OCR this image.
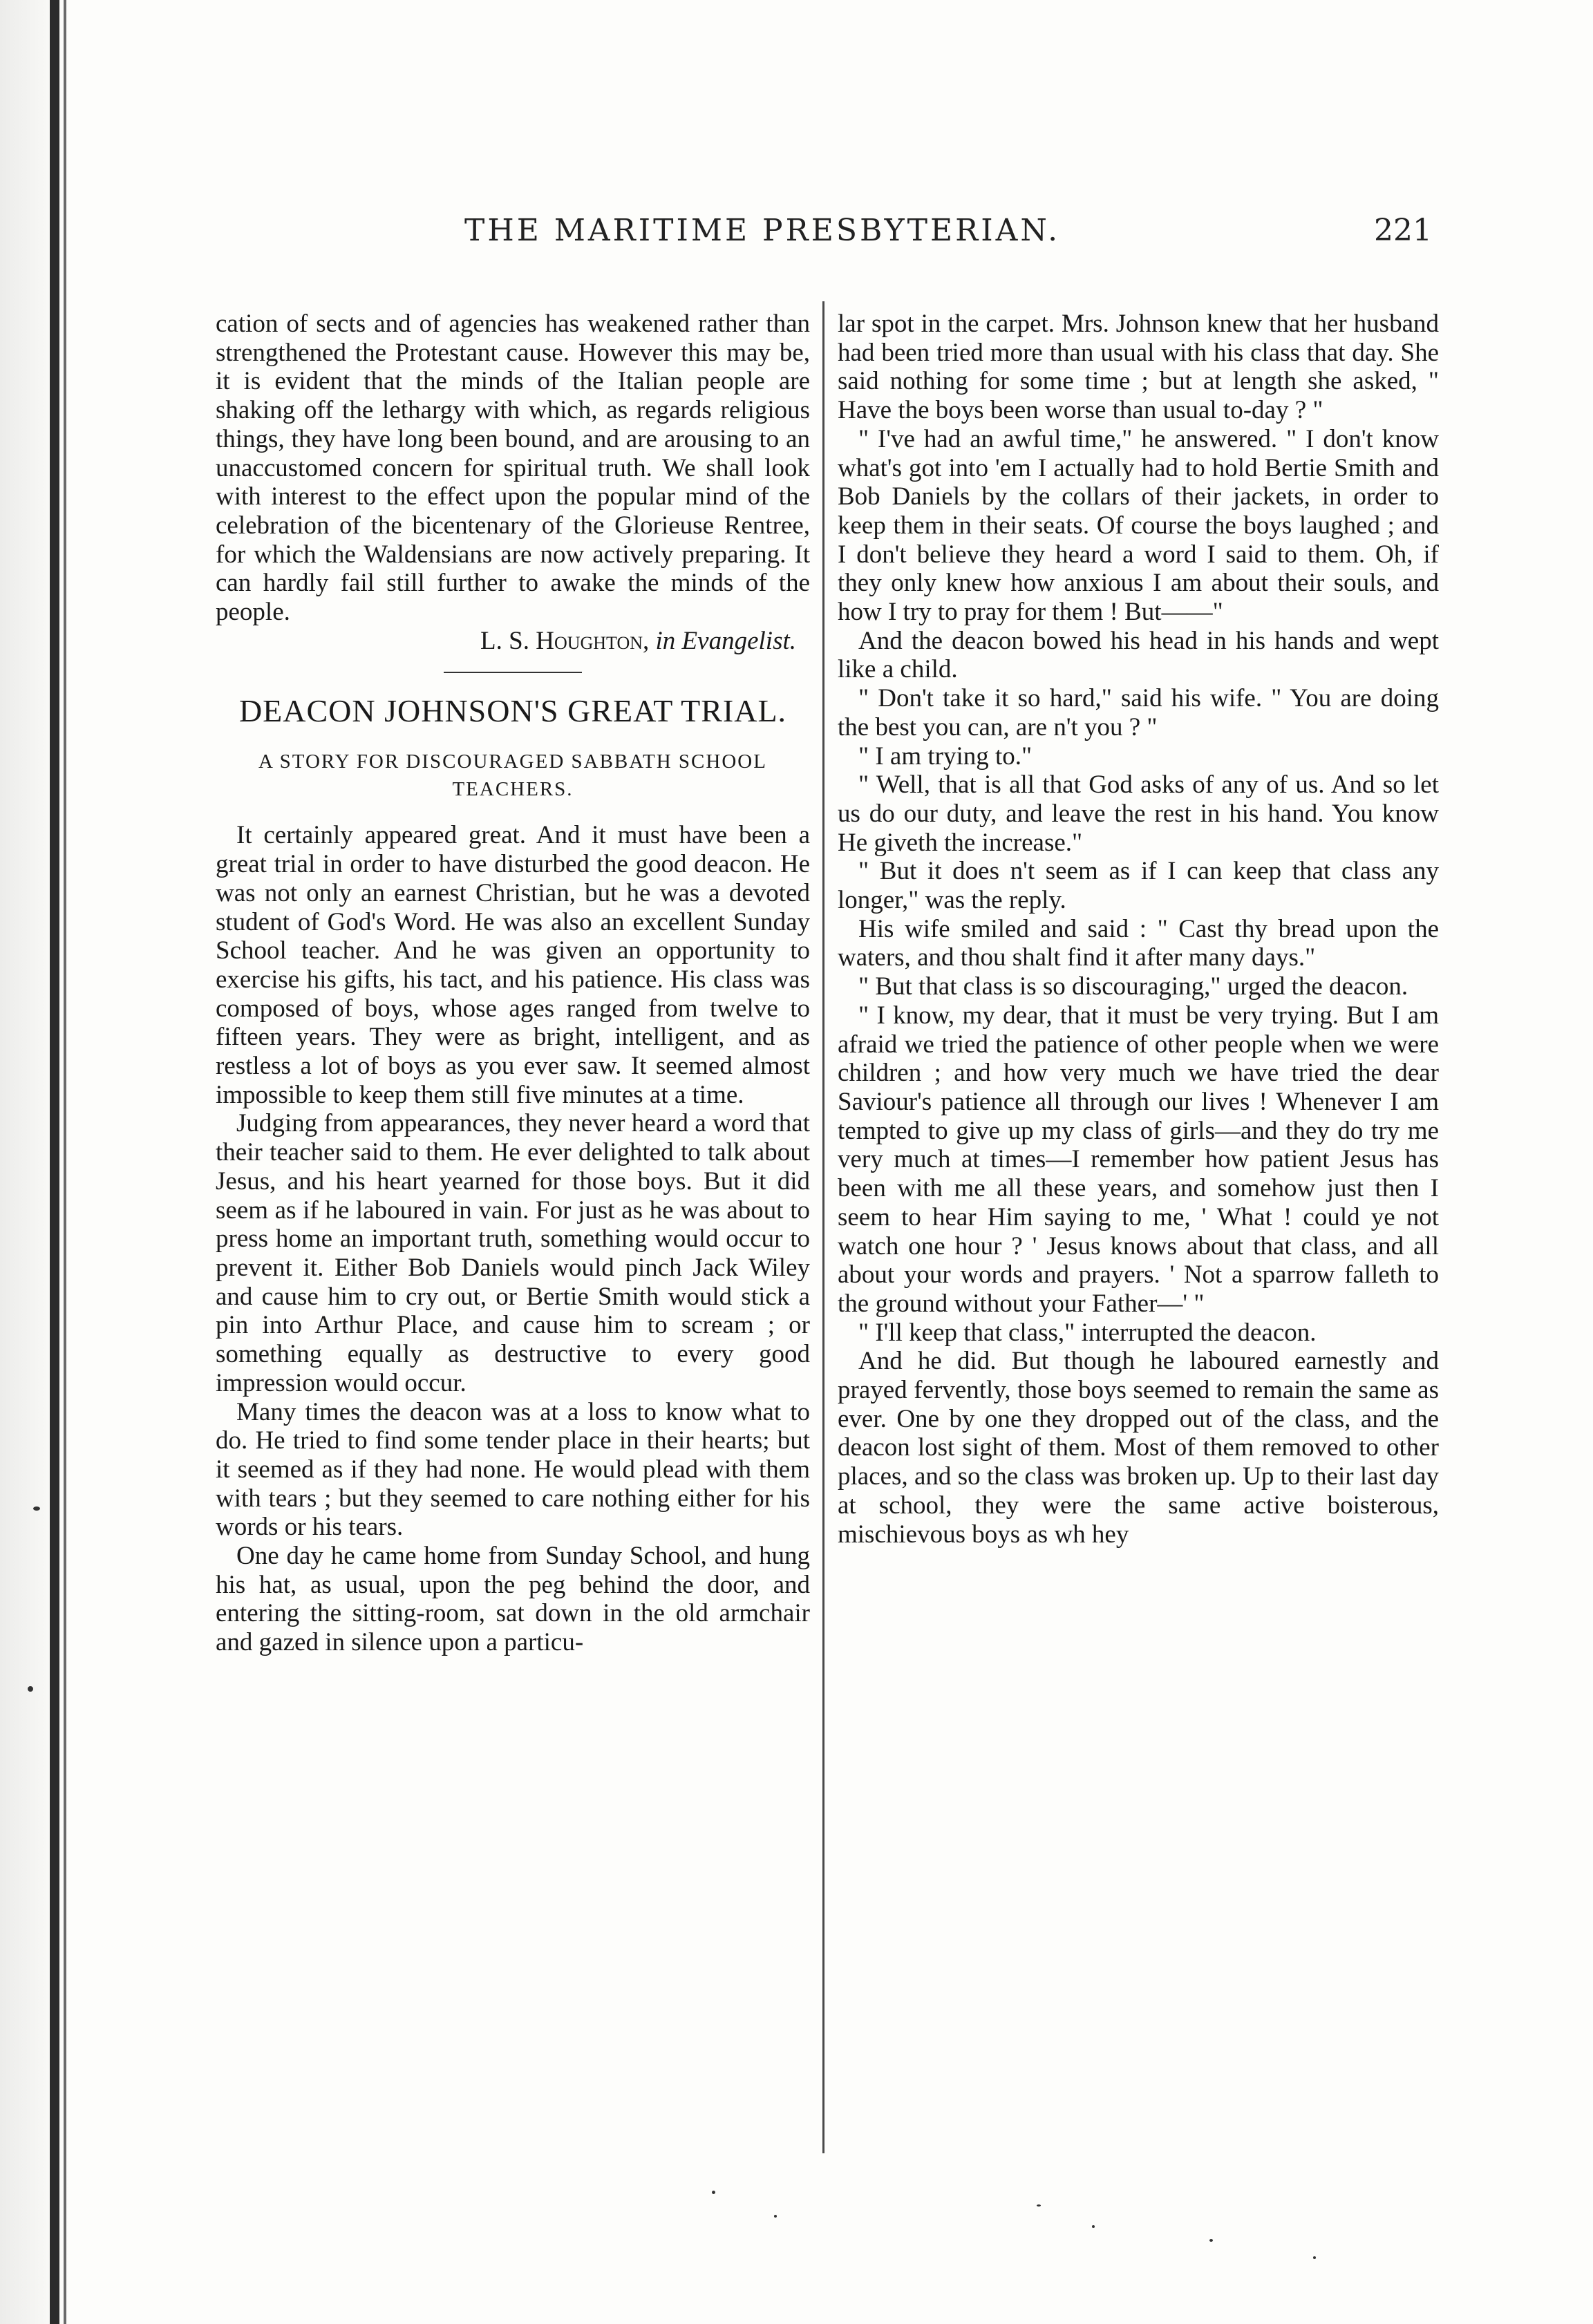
THE MARITIME PRESBYTERIAN.	221

cation of sects and of agencies has weakened rather than strengthened the Protestant cause. However this may be, it is evident that the minds of the Italian people are shaking off the lethargy with which, as regards religious things, they have long been bound, and are arousing to an unaccustomed concern for spiritual truth. We shall look with interest to the effect upon the popular mind of the celebration of the bicentenary of the Glorieuse Rentree, for which the Waldensians are now actively preparing. It can hardly fail still further to awake the minds of the people.

L. S. Houghton, in Evangelist.

DEACON JOHNSON'S GREAT TRIAL.

A STORY FOR DISCOURAGED SABBATH SCHOOL TEACHERS.

It certainly appeared great. And it must have been a great trial in order to have disturbed the good deacon. He was not only an earnest Christian, but he was a devoted student of God's Word. He was also an excellent Sunday School teacher. And he was given an opportunity to exercise his gifts, his tact, and his patience. His class was composed of boys, whose ages ranged from twelve to fifteen years. They were as bright, intelligent, and as restless a lot of boys as you ever saw. It seemed almost impossible to keep them still five minutes at a time.

Judging from appearances, they never heard a word that their teacher said to them. He ever delighted to talk about Jesus, and his heart yearned for those boys. But it did seem as if he laboured in vain. For just as he was about to press home an important truth, something would occur to prevent it. Either Bob Daniels would pinch Jack Wiley and cause him to cry out, or Bertie Smith would stick a pin into Arthur Place, and cause him to scream ; or something equally as destructive to every good impression would occur.

Many times the deacon was at a loss to know what to do. He tried to find some tender place in their hearts; but it seemed as if they had none. He would plead with them with tears ; but they seemed to care nothing either for his words or his tears.

One day he came home from Sunday School, and hung his hat, as usual, upon the peg behind the door, and entering the sitting-room, sat down in the old armchair and gazed in silence upon a particu-

lar spot in the carpet. Mrs. Johnson knew that her husband had been tried more than usual with his class that day. She said nothing for some time ; but at length she asked, " Have the boys been worse than usual to-day ? "

" I've had an awful time," he answered. " I don't know what's got into 'em I actually had to hold Bertie Smith and Bob Daniels by the collars of their jackets, in order to keep them in their seats. Of course the boys laughed ; and I don't believe they heard a word I said to them. Oh, if they only knew how anxious I am about their souls, and how I try to pray for them ! But——"

And the deacon bowed his head in his hands and wept like a child.

" Don't take it so hard," said his wife. " You are doing the best you can, are n't you ? "

" I am trying to."

" Well, that is all that God asks of any of us. And so let us do our duty, and leave the rest in his hand. You know He giveth the increase."

" But it does n't seem as if I can keep that class any longer," was the reply.

His wife smiled and said : " Cast thy bread upon the waters, and thou shalt find it after many days."

" But that class is so discouraging," urged the deacon.

" I know, my dear, that it must be very trying. But I am afraid we tried the patience of other people when we were children ; and how very much we have tried the dear Saviour's patience all through our lives ! Whenever I am tempted to give up my class of girls—and they do try me very much at times—I remember how patient Jesus has been with me all these years, and somehow just then I seem to hear Him saying to me, ' What ! could ye not watch one hour ? ' Jesus knows about that class, and all about your words and prayers. ' Not a sparrow falleth to the ground without your Father—' "

" I'll keep that class," interrupted the deacon.

And he did. But though he laboured earnestly and prayed fervently, those boys seemed to remain the same as ever. One by one they dropped out of the class, and the deacon lost sight of them. Most of them removed to other places, and so the class was broken up. Up to their last day at school, they were the same active boisterous, mischievous boys as wh hey
